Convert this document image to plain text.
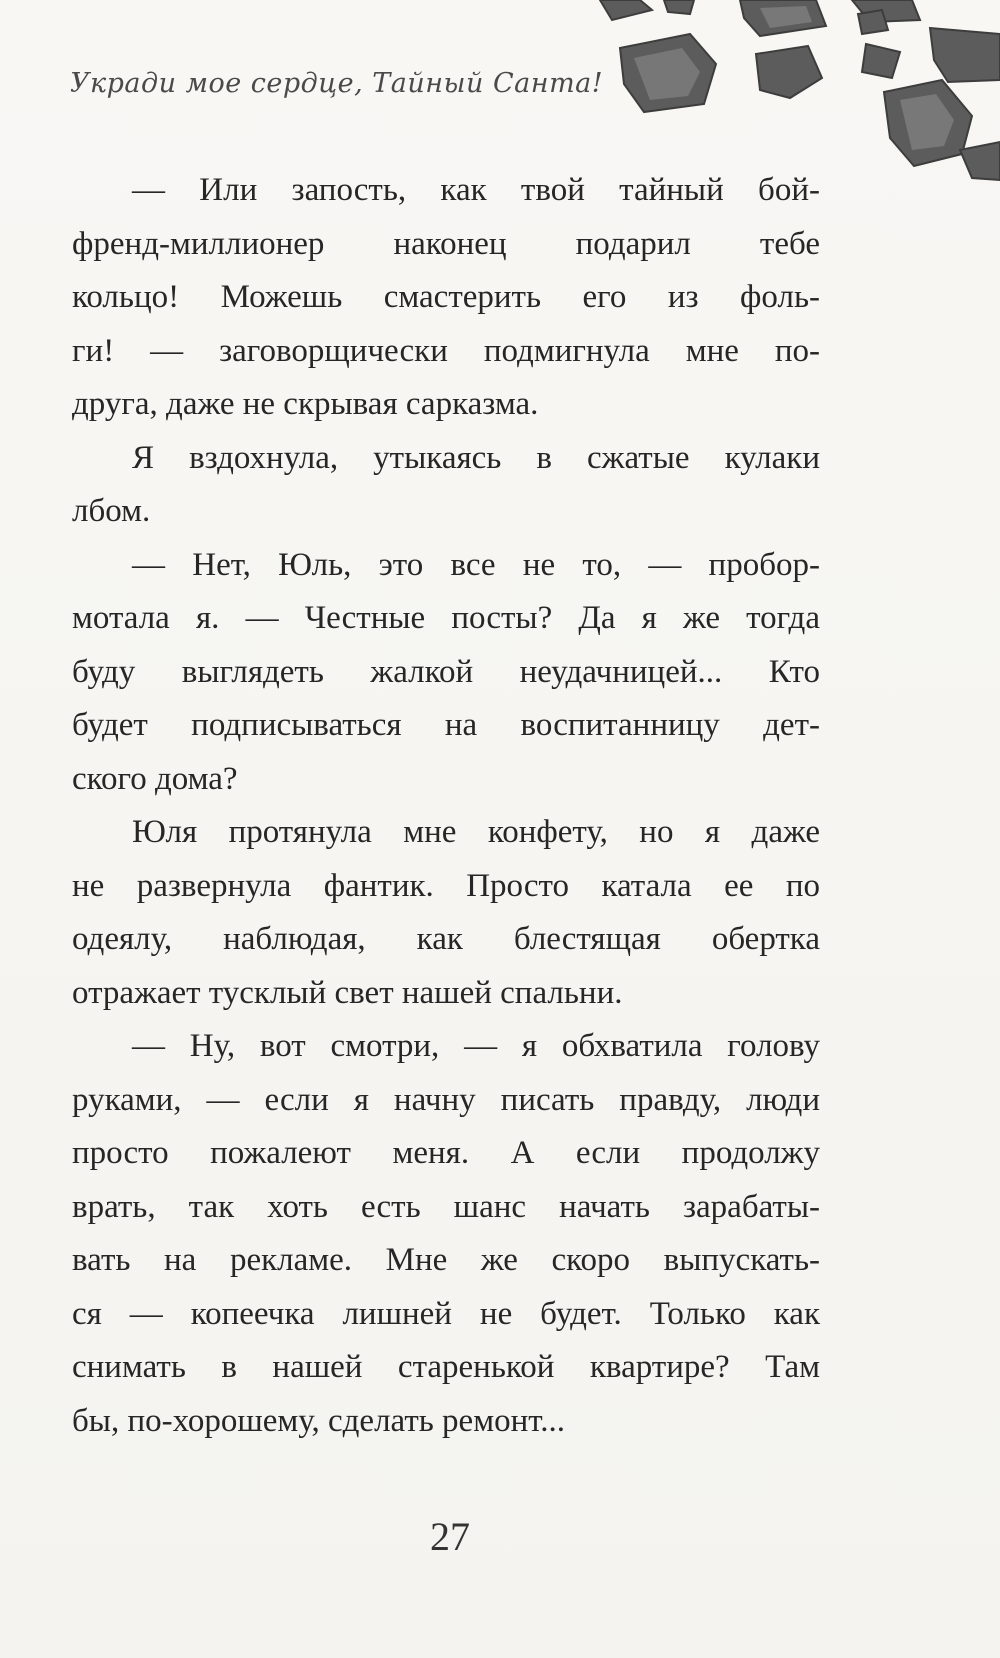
Укради мое сердце, Тайный Санта!
— Или запость, как твой тайный бой-
френд-миллионер наконец подарил тебе
кольцо! Можешь смастерить его из фоль-
ги! — заговорщически подмигнула мне по-
друга, даже не скрывая сарказма.
Я вздохнула, утыкаясь в сжатые кулаки
лбом.
— Нет, Юль, это все не то, — пробор-
мотала я. — Честные посты? Да я же тогда
буду выглядеть жалкой неудачницей... Кто
будет подписываться на воспитанницу дет-
ского дома?
Юля протянула мне конфету, но я даже
не развернула фантик. Просто катала ее по
одеялу, наблюдая, как блестящая обертка
отражает тусклый свет нашей спальни.
— Ну, вот смотри, — я обхватила голову
руками, — если я начну писать правду, люди
просто пожалеют меня. А если продолжу
врать, так хоть есть шанс начать зарабаты-
вать на рекламе. Мне же скоро выпускать-
ся — копеечка лишней не будет. Только как
снимать в нашей старенькой квартире? Там
бы, по-хорошему, сделать ремонт...
27
